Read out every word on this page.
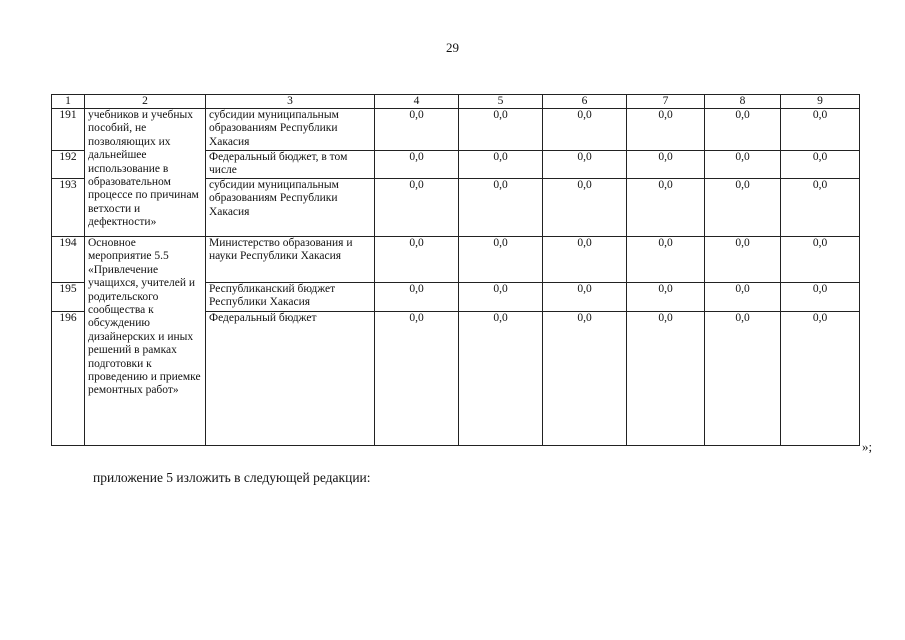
29
1	2	3	4	5	6	7	8	9
191	учебников и учебных пособий, не позволяющих их дальнейшее использование в образовательном процессе по причинам ветхости и дефектности»	субсидии муниципальным образованиям Республики Хакасия	0,0	0,0	0,0	0,0	0,0	0,0
192		Федеральный бюджет, в том числе	0,0	0,0	0,0	0,0	0,0	0,0
193		субсидии муниципальным образованиям Республики Хакасия	0,0	0,0	0,0	0,0	0,0	0,0
194	Основное мероприятие 5.5 «Привлечение учащихся, учителей и родительского сообщества к обсуждению дизайнерских и иных решений в рамках подготовки к проведению и приемке ремонтных работ»	Министерство образования и науки Республики Хакасия	0,0	0,0	0,0	0,0	0,0	0,0
195		Республиканский бюджет Республики Хакасия	0,0	0,0	0,0	0,0	0,0	0,0
196		Федеральный бюджет	0,0	0,0	0,0	0,0	0,0	0,0
»;
приложение 5 изложить в следующей редакции:
